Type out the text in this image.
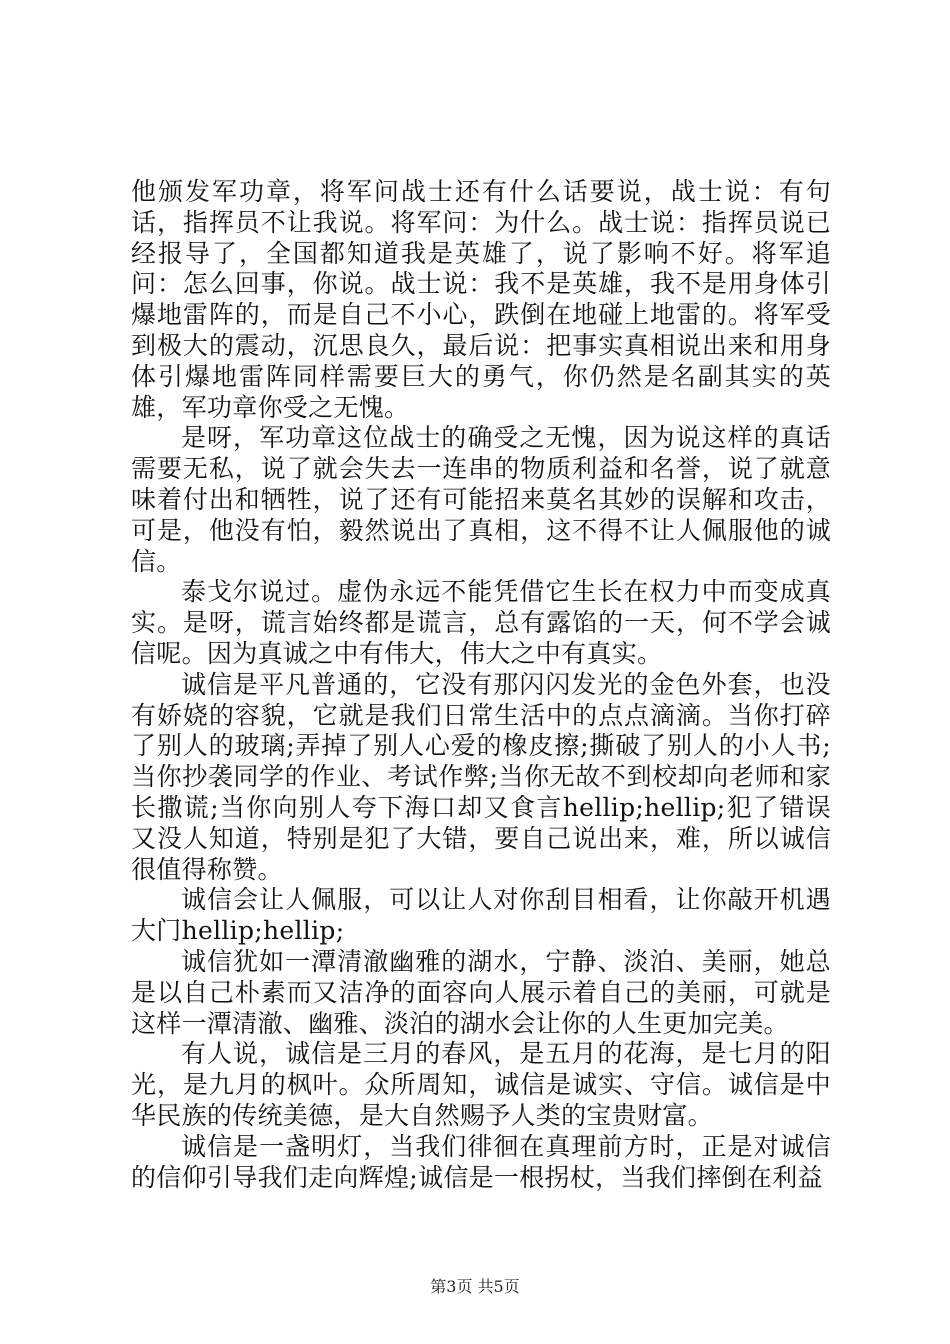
他颁发军功章，将军问战士还有什么话要说，战士说：有句话，指挥员不让我说。将军问：为什么。战士说：指挥员说已经报导了，全国都知道我是英雄了，说了影响不好。将军追问：怎么回事，你说。战士说：我不是英雄，我不是用身体引爆地雷阵的，而是自己不小心，跌倒在地碰上地雷的。将军受到极大的震动，沉思良久，最后说：把事实真相说出来和用身体引爆地雷阵同样需要巨大的勇气，你仍然是名副其实的英雄，军功章你受之无愧。

是呀，军功章这位战士的确受之无愧，因为说这样的真话需要无私，说了就会失去一连串的物质利益和名誉，说了就意味着付出和牺牲，说了还有可能招来莫名其妙的误解和攻击，可是，他没有怕，毅然说出了真相，这不得不让人佩服他的诚信。

泰戈尔说过。虚伪永远不能凭借它生长在权力中而变成真实。是呀，谎言始终都是谎言，总有露馅的一天，何不学会诚信呢。因为真诚之中有伟大，伟大之中有真实。

诚信是平凡普通的，它没有那闪闪发光的金色外套，也没有娇娆的容貌，它就是我们日常生活中的点点滴滴。当你打碎了别人的玻璃;弄掉了别人心爱的橡皮擦;撕破了别人的小人书;当你抄袭同学的作业、考试作弊;当你无故不到校却向老师和家长撒谎;当你向别人夸下海口却又食言hellip;hellip;犯了错误又没人知道，特别是犯了大错，要自己说出来，难，所以诚信很值得称赞。

诚信会让人佩服，可以让人对你刮目相看，让你敲开机遇大门hellip;hellip;

诚信犹如一潭清澈幽雅的湖水，宁静、淡泊、美丽，她总是以自己朴素而又洁净的面容向人展示着自己的美丽，可就是这样一潭清澈、幽雅、淡泊的湖水会让你的人生更加完美。

有人说，诚信是三月的春风，是五月的花海，是七月的阳光，是九月的枫叶。众所周知，诚信是诚实、守信。诚信是中华民族的传统美德，是大自然赐予人类的宝贵财富。

诚信是一盏明灯，当我们徘徊在真理前方时，正是对诚信的信仰引导我们走向辉煌;诚信是一根拐杖，当我们摔倒在利益

第3页 共5页
